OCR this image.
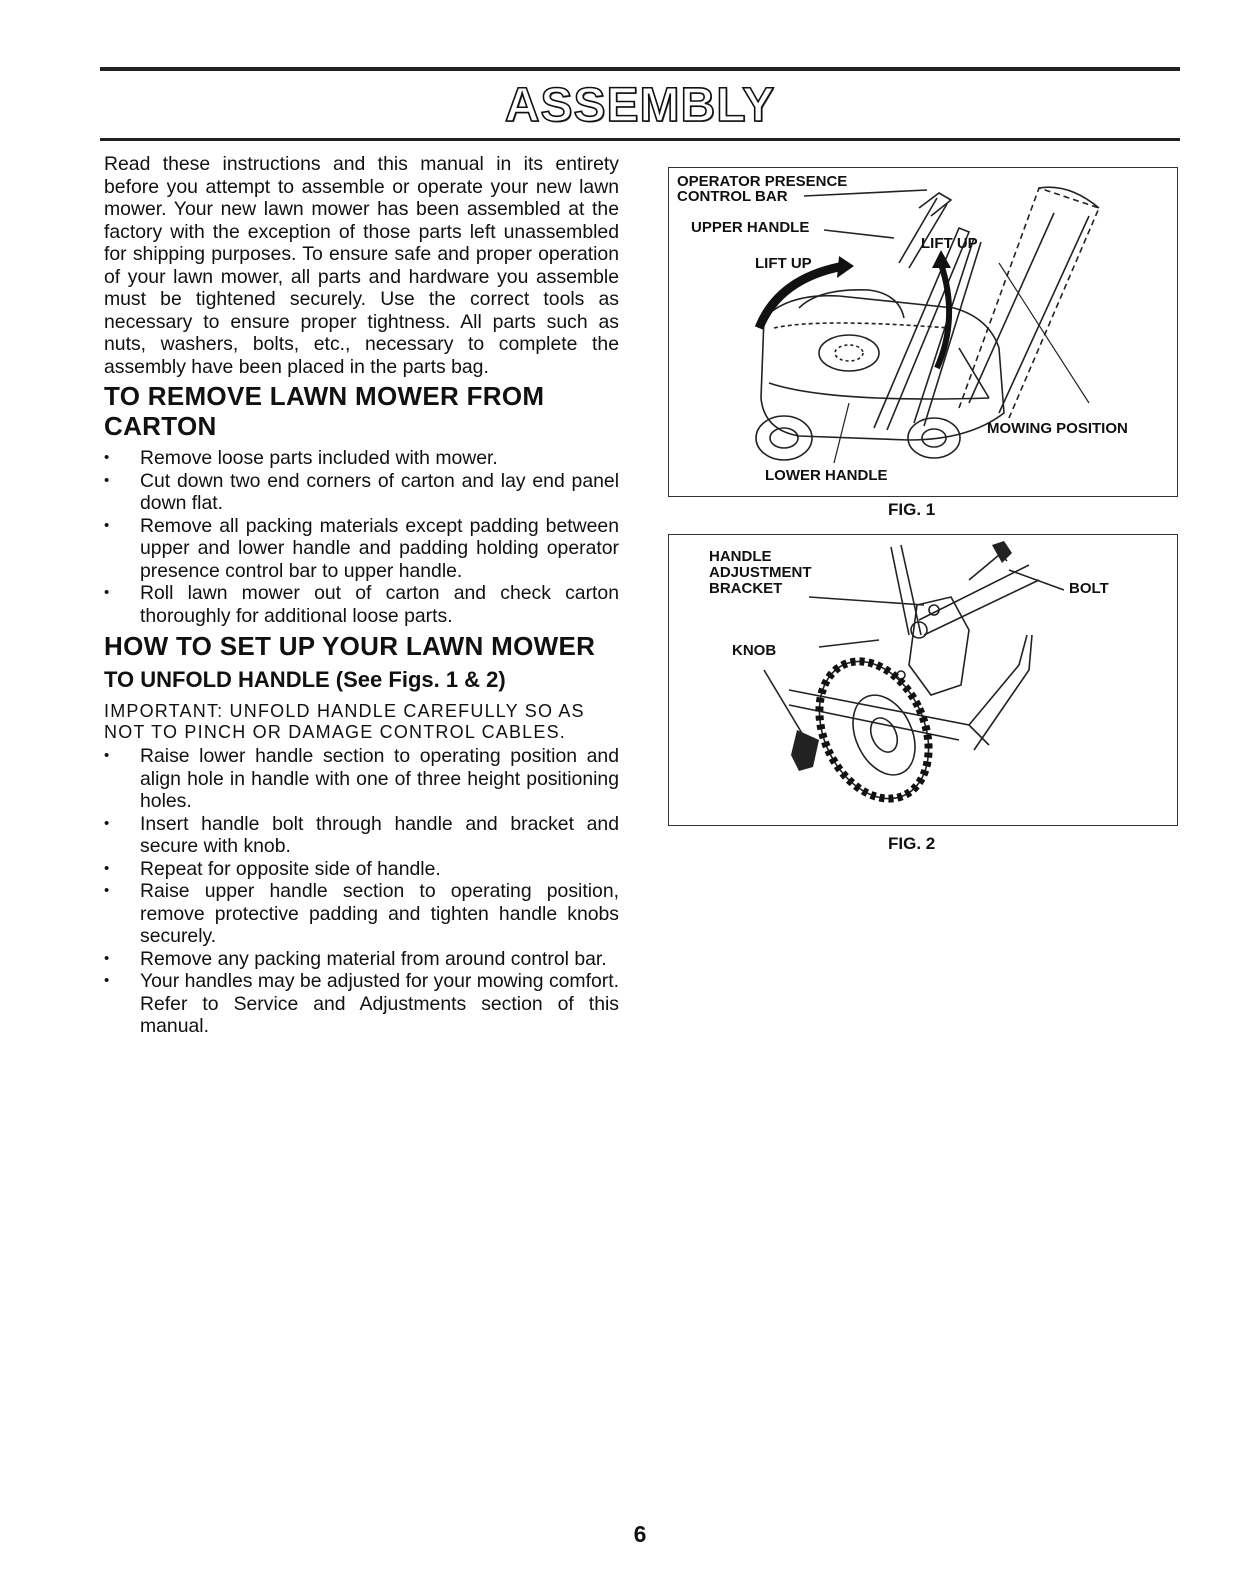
ASSEMBLY

Read these instructions and this manual in its entirety before you attempt to assemble or operate your new lawn mower. Your new lawn mower has been assembled at the factory with the exception of those parts left unassembled for shipping purposes. To ensure safe and proper operation of your lawn mower, all parts and hardware you assemble must be tightened securely. Use the correct tools as necessary to ensure proper tightness. All parts such as nuts, washers, bolts, etc., necessary to complete the assembly have been placed in the parts bag.

TO REMOVE LAWN MOWER FROM CARTON
• Remove loose parts included with mower.
• Cut down two end corners of carton and lay end panel down flat.
• Remove all packing materials except padding between upper and lower handle and padding holding operator presence control bar to upper handle.
• Roll lawn mower out of carton and check carton thoroughly for additional loose parts.
HOW TO SET UP YOUR LAWN MOWER
TO UNFOLD HANDLE (See Figs. 1 & 2)

IMPORTANT: UNFOLD HANDLE CAREFULLY SO AS NOT TO PINCH OR DAMAGE CONTROL CABLES.

• Raise lower handle section to operating position and align hole in handle with one of three height positioning holes.
• Insert handle bolt through handle and bracket and secure with knob.
• Repeat for opposite side of handle.
• Raise upper handle section to operating position, remove protective padding and tighten handle knobs securely.
• Remove any packing material from around control bar.
• Your handles may be adjusted for your mowing comfort. Refer to Service and Adjustments section of this manual.
OPERATOR PRESENCE
CONTROL BAR
UPPER HANDLE
LIFT UP
LIFT UP
MOWING POSITION
LOWER HANDLE
FIG. 1
HANDLE
ADJUSTMENT
BRACKET
KNOB
BOLT
FIG. 2
6
